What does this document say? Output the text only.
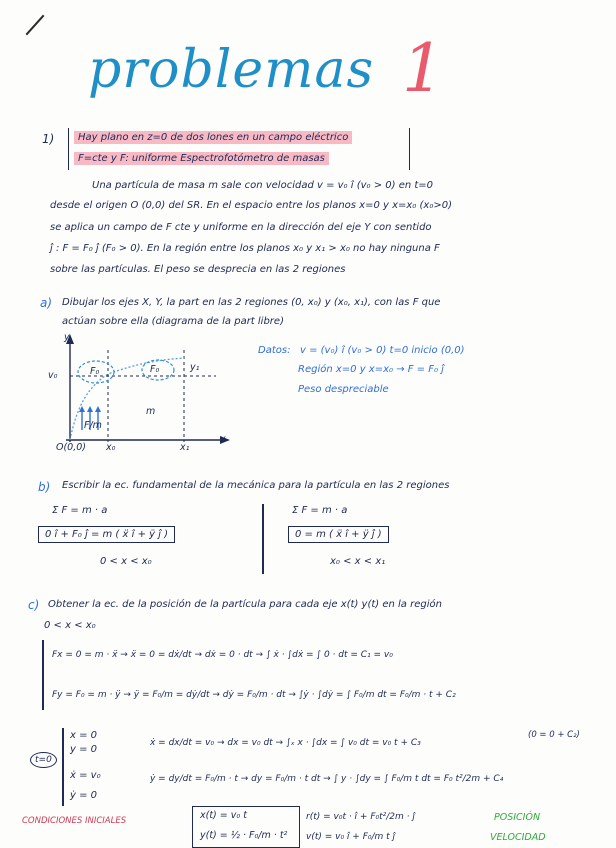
problemas 1
1)	Hay plano en z=0 de dos lones en un campo eléctrico
F=cte y F: uniforme Espectrofotómetro de masas
Una partícula de masa m sale con velocidad v = v₀ î (v₀ > 0) en t=0
desde el origen O (0,0) del SR. En el espacio entre los planos x=0 y x=x₀ (x₀>0)
se aplica un campo de F cte y uniforme en la dirección del eje Y con sentido
ĵ : F = F₀ ĵ (F₀ > 0). En la región entre los planos x₀ y x₁ > x₀ no hay ninguna F
sobre las partículas. El peso se desprecia en las 2 regiones
a) Dibujar los ejes X, Y, la part en las 2 regiones (0, x₀) y (x₀, x₁), con las F que
actúan sobre ella (diagrama de la part libre)
y
x
v₀
O(0,0) x₀	x₁
F₀	F₀
F/m
m
y₁
Datos: v = (v₀) î (v₀ > 0) t=0 inicio (0,0)
Región x=0 y x=x₀ → F = F₀ ĵ
Peso despreciable
b) Escribir la ec. fundamental de la mecánica para la partícula en las 2 regiones
Σ F = m · a
0 î + F₀ ĵ = m ( ẍ î + ÿ ĵ )
0 < x < x₀
Σ F = m · a
0 = m ( ẍ î + ÿ ĵ )
x₀ < x < x₁
c) Obtener la ec. de la posición de la partícula para cada eje x(t) y(t) en la región
0 < x < x₀
Fx = 0 = m · ẍ → ẍ = 0 = dẋ/dt → dẋ = 0 · dt → ∫ ẋ · ∫dẋ = ∫ 0 · dt = C₁ = v₀
Fy = F₀ = m · ÿ → ÿ = F₀/m = dẏ/dt → dẏ = F₀/m · dt → ∫ẏ · ∫dẏ = ∫ F₀/m dt = F₀/m · t + C₂
(0 = 0 + C₂)
t=0
x = 0
y = 0
ẋ = v₀
ẏ = 0
ẋ = dx/dt = v₀ → dx = v₀ dt → ∫ₓ x · ∫dx = ∫ v₀ dt = v₀ t + C₃
ẏ = dy/dt = F₀/m · t → dy = F₀/m · t dt → ∫ y · ∫dy = ∫ F₀/m t dt = F₀ t²/2m + C₄
CONDICIONES INICIALES	x(t) = v₀ t
y(t) = ½ · F₀/m · t²
r(t) = v₀t · î + F₀t²/2m · ĵ
v(t) = v₀ î + F₀/m t ĵ
POSICIÓN
VELOCIDAD
